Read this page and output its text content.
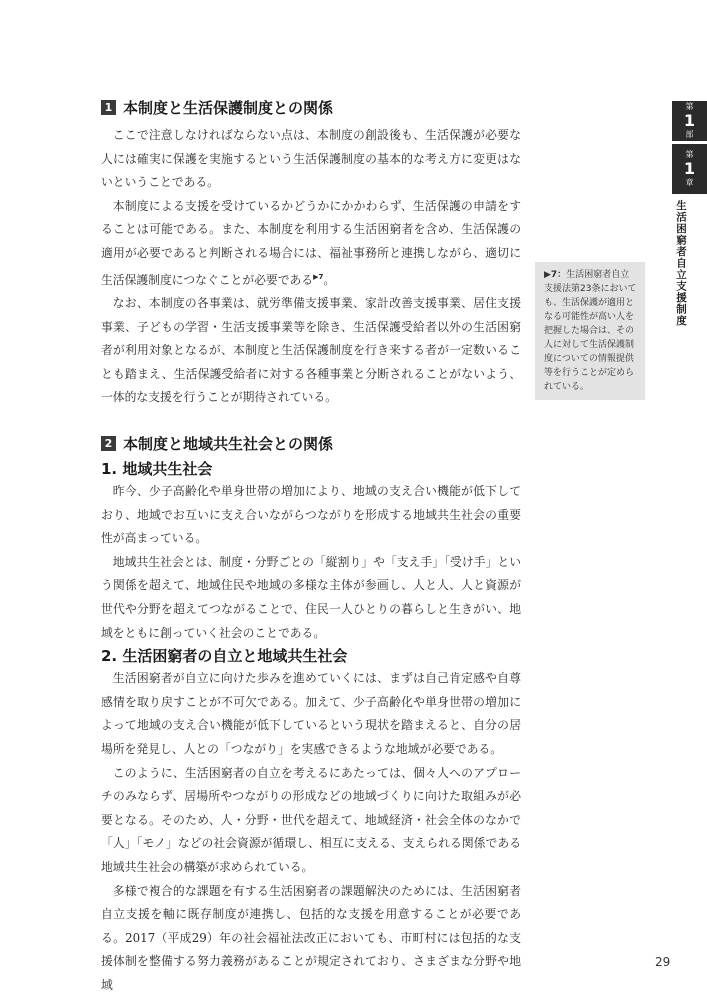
1 本制度と生活保護制度との関係

ここで注意しなければならない点は、本制度の創設後も、生活保護が必要な人には確実に保護を実施するという生活保護制度の基本的な考え方に変更はないということである。

本制度による支援を受けているかどうかにかかわらず、生活保護の申請をすることは可能である。また、本制度を利用する生活困窮者を含め、生活保護の適用が必要であると判断される場合には、福祉事務所と連携しながら、適切に生活保護制度につなぐことが必要である$^{▶7}$。

なお、本制度の各事業は、就労準備支援事業、家計改善支援事業、居住支援事業、子どもの学習・生活支援事業等を除き、生活保護受給者以外の生活困窮者が利用対象となるが、本制度と生活保護制度を行き来する者が一定数いることも踏まえ、生活保護受給者に対する各種事業と分断されることがないよう、一体的な支援を行うことが期待されている。

2 本制度と地域共生社会との関係
1. 地域共生社会

昨今、少子高齢化や単身世帯の増加により、地域の支え合い機能が低下しており、地域でお互いに支え合いながらつながりを形成する地域共生社会の重要性が高まっている。

地域共生社会とは、制度・分野ごとの「縦割り」や「支え手」「受け手」という関係を超えて、地域住民や地域の多様な主体が参画し、人と人、人と資源が世代や分野を超えてつながることで、住民一人ひとりの暮らしと生きがい、地域をともに創っていく社会のことである。

2. 生活困窮者の自立と地域共生社会

生活困窮者が自立に向けた歩みを進めていくには、まずは自己肯定感や自尊感情を取り戻すことが不可欠である。加えて、少子高齢化や単身世帯の増加によって地域の支え合い機能が低下しているという現状を踏まえると、自分の居場所を発見し、人との「つながり」を実感できるような地域が必要である。

このように、生活困窮者の自立を考えるにあたっては、個々人へのアプローチのみならず、居場所やつながりの形成などの地域づくりに向けた取組みが必要となる。そのため、人・分野・世代を超えて、地域経済・社会全体のなかで「人」「モノ」などの社会資源が循環し、相互に支える、支えられる関係である地域共生社会の構築が求められている。

多様で複合的な課題を有する生活困窮者の課題解決のためには、生活困窮者自立支援を軸に既存制度が連携し、包括的な支援を用意することが必要である。2017（平成29）年の社会福祉法改正においても、市町村には包括的な支援体制を整備する努力義務があることが規定されており、さまざまな分野や地域

▶7：生活困窮者自立支援法第23条においても、生活保護が適用となる可能性が高い人を把握した場合は、その人に対して生活保護制度についての情報提供等を行うことが定められている。
第
1
部
第
1
章
生活困窮者自立支援制度
29
